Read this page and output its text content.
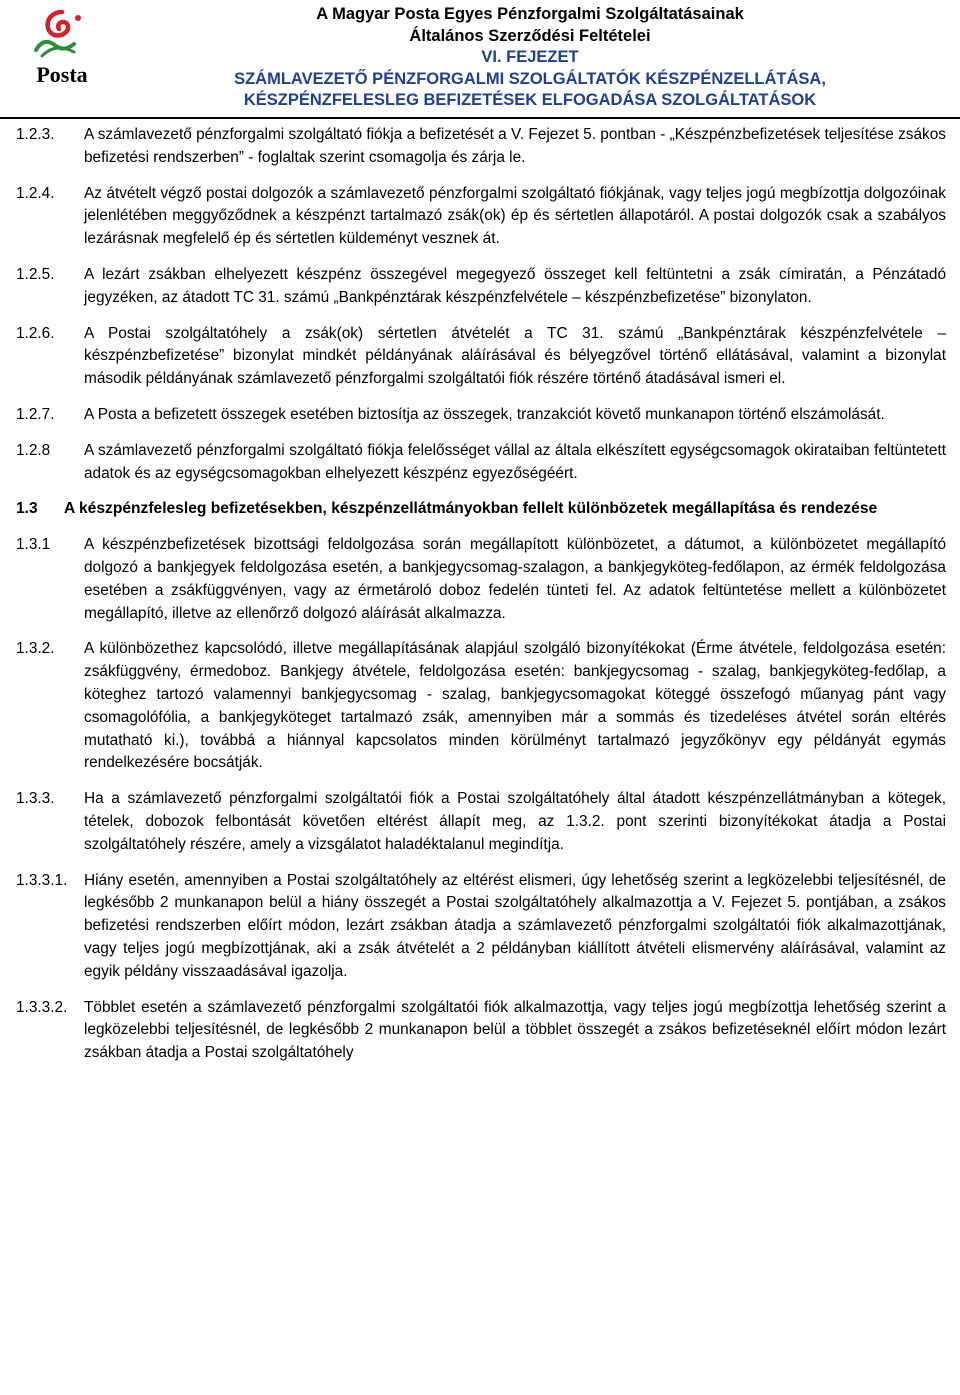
Posta
A Magyar Posta Egyes Pénzforgalmi Szolgáltatásainak
Általános Szerződési Feltételei
VI. FEJEZET
SZÁMLAVEZETŐ PÉNZFORGALMI SZOLGÁLTATÓK KÉSZPÉNZELLÁTÁSA,
KÉSZPÉNZFELESLEG BEFIZETÉSEK ELFOGADÁSA SZOLGÁLTATÁSOK
1.2.3.	A számlavezető pénzforgalmi szolgáltató fiókja a befizetését a V. Fejezet 5. pontban - „Készpénzbefizetések teljesítése zsákos befizetési rendszerben” - foglaltak szerint csomagolja és zárja le.
1.2.4.	Az átvételt végző postai dolgozók a számlavezető pénzforgalmi szolgáltató fiókjának, vagy teljes jogú megbízottja dolgozóinak jelenlétében meggyőződnek a készpénzt tartalmazó zsák(ok) ép és sértetlen állapotáról. A postai dolgozók csak a szabályos lezárásnak megfelelő ép és sértetlen küldeményt vesznek át.
1.2.5.	A lezárt zsákban elhelyezett készpénz összegével megegyező összeget kell feltüntetni a zsák címiratán, a Pénzátadó jegyzéken, az átadott TC 31. számú „Bankpénztárak készpénzfelvétele – készpénzbefizetése” bizonylaton.
1.2.6.	A Postai szolgáltatóhely a zsák(ok) sértetlen átvételét a TC 31. számú „Bankpénztárak készpénzfelvétele – készpénzbefizetése” bizonylat mindkét példányának aláírásával és bélyegzővel történő ellátásával, valamint a bizonylat második példányának számlavezető pénzforgalmi szolgáltatói fiók részére történő átadásával ismeri el.
1.2.7.	A Posta a befizetett összegek esetében biztosítja az összegek, tranzakciót követő munkanapon történő elszámolását.
1.2.8	A számlavezető pénzforgalmi szolgáltató fiókja felelősséget vállal az általa elkészített egységcsomagok okirataiban feltüntetett adatok és az egységcsomagokban elhelyezett készpénz egyezőségéért.
1.3	A készpénzfelesleg befizetésekben, készpénzellátmányokban fellelt különbözetek megállapítása és rendezése
1.3.1	A készpénzbefizetések bizottsági feldolgozása során megállapított különbözetet, a dátumot, a különbözetet megállapító dolgozó a bankjegyek feldolgozása esetén, a bankjegycsomag-szalagon, a bankjegyköteg-fedőlapon, az érmék feldolgozása esetében a zsákfüggvényen, vagy az érmetároló doboz fedelén tünteti fel. Az adatok feltüntetése mellett a különbözetet megállapító, illetve az ellenőrző dolgozó aláírását alkalmazza.
1.3.2.	A különbözethez kapcsolódó, illetve megállapításának alapjául szolgáló bizonyítékokat (Érme átvétele, feldolgozása esetén: zsákfüggvény, érmedoboz. Bankjegy átvétele, feldolgozása esetén: bankjegycsomag - szalag, bankjegyköteg-fedőlap, a köteghez tartozó valamennyi bankjegycsomag - szalag, bankjegycsomagokat köteggé összefogó műanyag pánt vagy csomagolófólia, a bankjegyköteget tartalmazó zsák, amennyiben már a sommás és tizedeléses átvétel során eltérés mutatható ki.), továbbá a hiánnyal kapcsolatos minden körülményt tartalmazó jegyzőkönyv egy példányát egymás rendelkezésére bocsátják.
1.3.3.	Ha a számlavezető pénzforgalmi szolgáltatói fiók a Postai szolgáltatóhely által átadott készpénzellátmányban a kötegek, tételek, dobozok felbontását követően eltérést állapít meg, az 1.3.2. pont szerinti bizonyítékokat átadja a Postai szolgáltatóhely részére, amely a vizsgálatot haladéktalanul megindítja.
1.3.3.1.	Hiány esetén, amennyiben a Postai szolgáltatóhely az eltérést elismeri, úgy lehetőség szerint a legközelebbi teljesítésnél, de legkésőbb 2 munkanapon belül a hiány összegét a Postai szolgáltatóhely alkalmazottja a V. Fejezet 5. pontjában, a zsákos befizetési rendszerben előírt módon, lezárt zsákban átadja a számlavezető pénzforgalmi szolgáltatói fiók alkalmazottjának, vagy teljes jogú megbízottjának, aki a zsák átvételét a 2 példányban kiállított átvételi elismervény aláírásával, valamint az egyik példány visszaadásával igazolja.
1.3.3.2.	Többlet esetén a számlavezető pénzforgalmi szolgáltatói fiók alkalmazottja, vagy teljes jogú megbízottja lehetőség szerint a legközelebbi teljesítésnél, de legkésőbb 2 munkanapon belül a többlet összegét a zsákos befizetéseknél előírt módon lezárt zsákban átadja a Postai szolgáltatóhely
